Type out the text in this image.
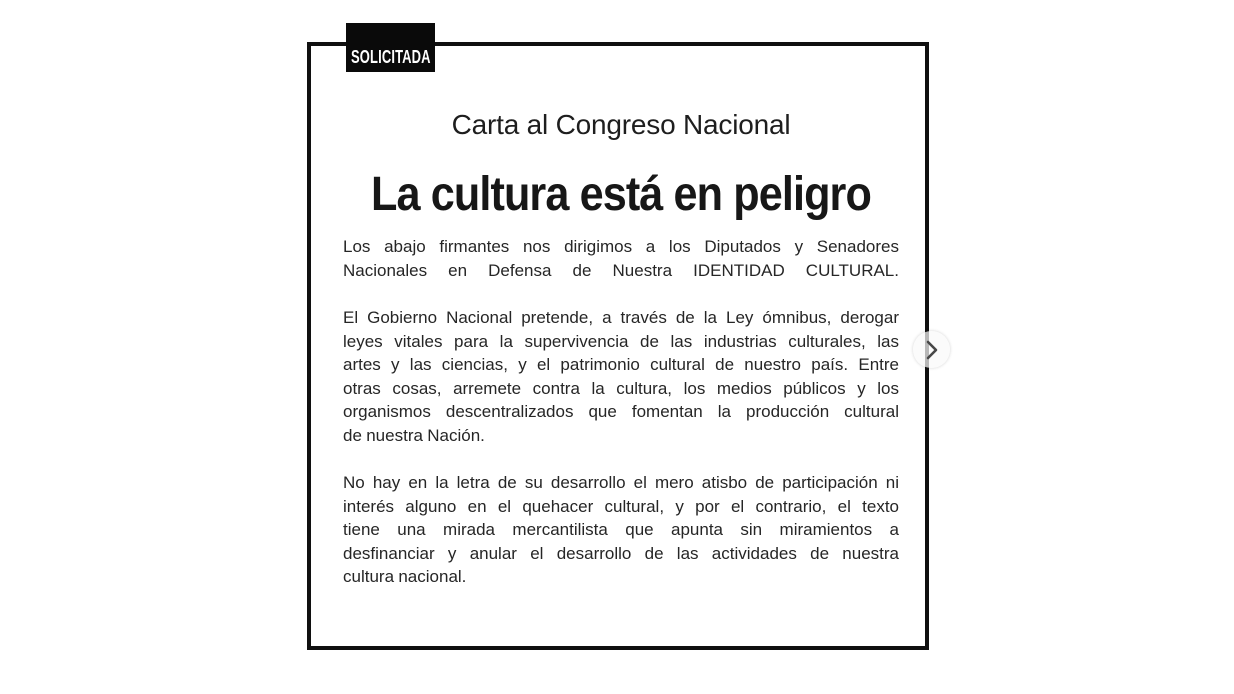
Carta al Congreso Nacional
La cultura está en peligro

Los abajo firmantes nos dirigimos a los Diputados y Senadores
Nacionales en Defensa de Nuestra IDENTIDAD CULTURAL.

El Gobierno Nacional pretende, a través de la Ley ómnibus, derogar
leyes vitales para la supervivencia de las industrias culturales, las
artes y las ciencias, y el patrimonio cultural de nuestro país. Entre
otras cosas, arremete contra la cultura, los medios públicos y los
organismos descentralizados que fomentan la producción cultural
de nuestra Nación.

No hay en la letra de su desarrollo el mero atisbo de participación ni
interés alguno en el quehacer cultural, y por el contrario, el texto
tiene una mirada mercantilista que apunta sin miramientos a
desfinanciar y anular el desarrollo de las actividades de nuestra
cultura nacional.

SOLICITADA
